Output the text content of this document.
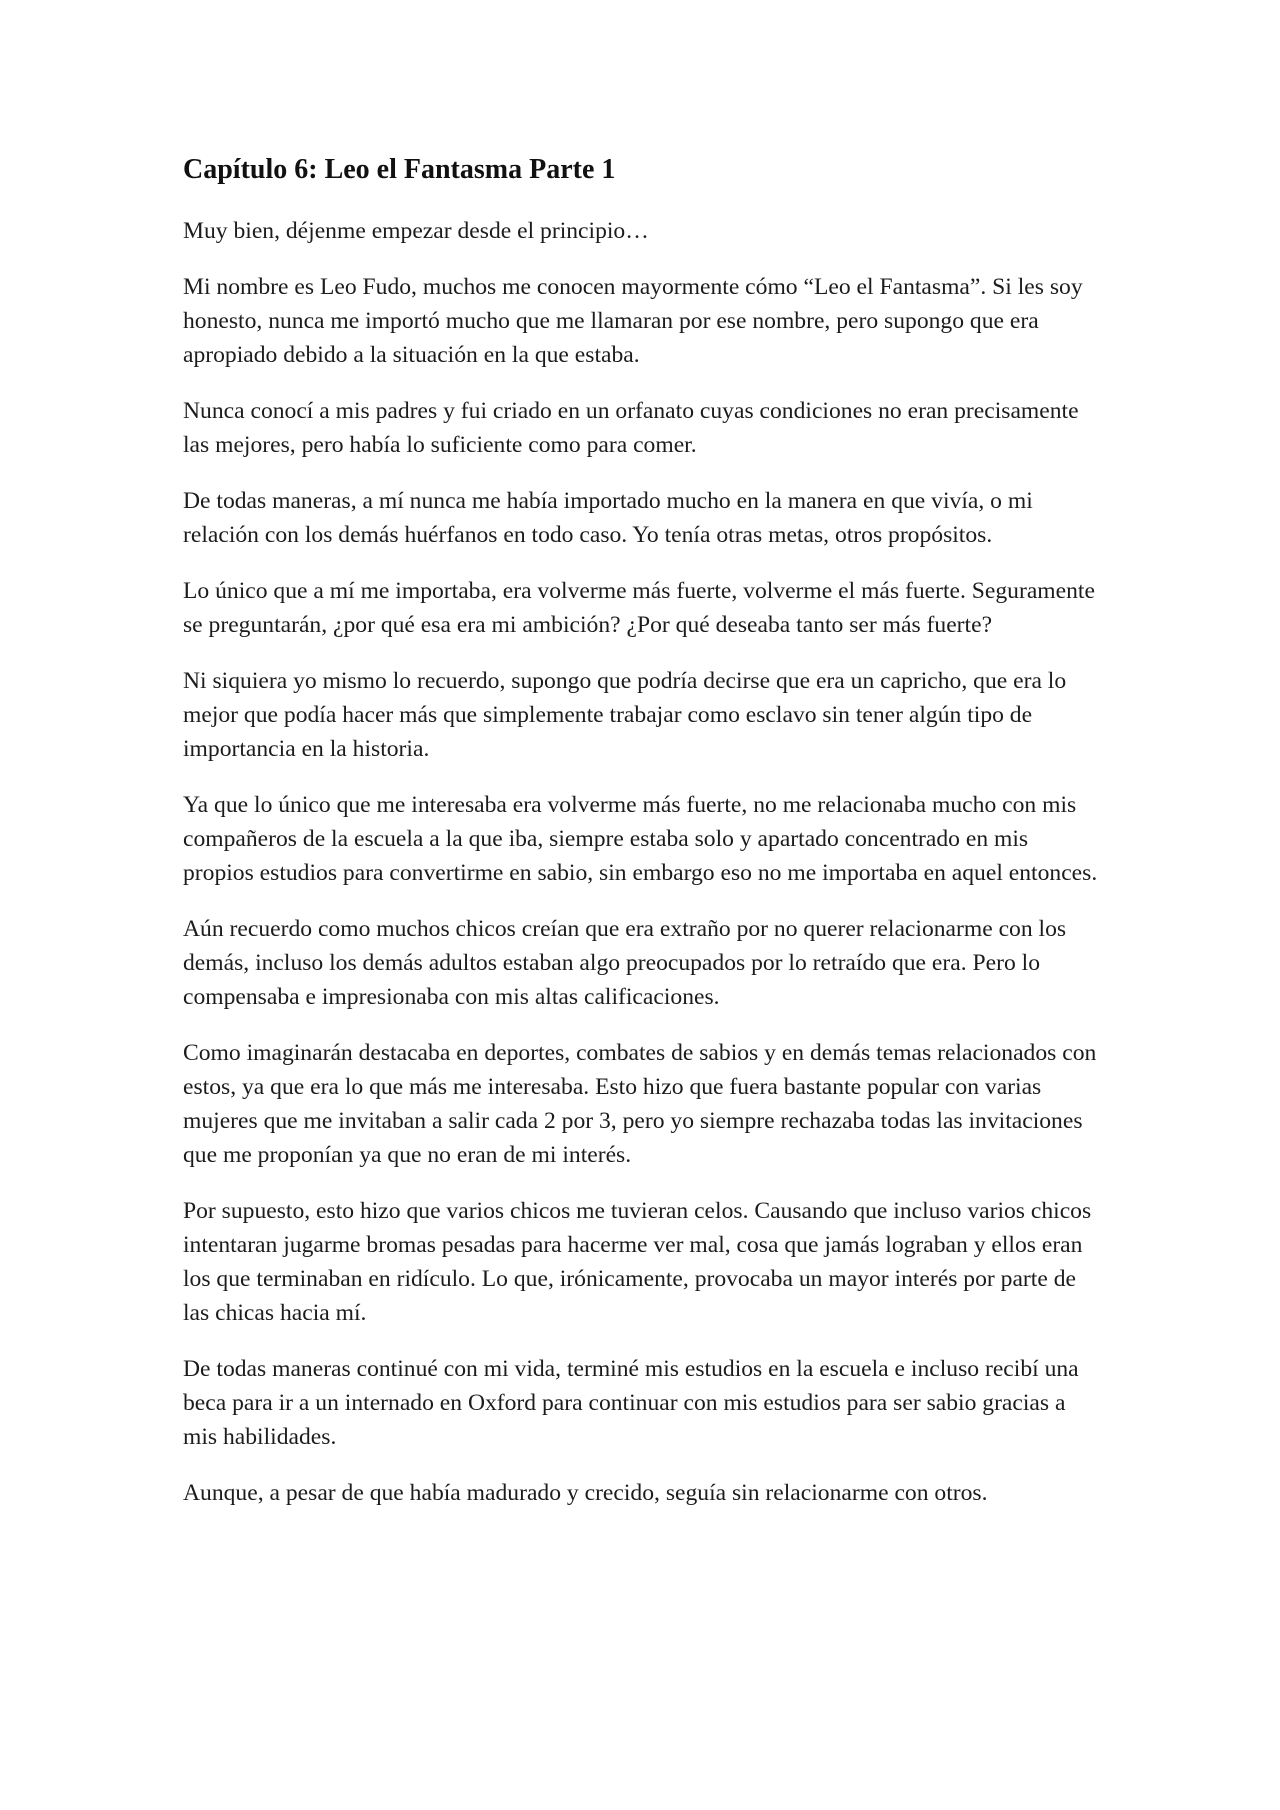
Capítulo 6: Leo el Fantasma Parte 1

Muy bien, déjenme empezar desde el principio…

Mi nombre es Leo Fudo, muchos me conocen mayormente cómo “Leo el Fantasma”. Si les soy honesto, nunca me importó mucho que me llamaran por ese nombre, pero supongo que era apropiado debido a la situación en la que estaba.

Nunca conocí a mis padres y fui criado en un orfanato cuyas condiciones no eran precisamente las mejores, pero había lo suficiente como para comer.

De todas maneras, a mí nunca me había importado mucho en la manera en que vivía, o mi relación con los demás huérfanos en todo caso. Yo tenía otras metas, otros propósitos.

Lo único que a mí me importaba, era volverme más fuerte, volverme el más fuerte. Seguramente se preguntarán, ¿por qué esa era mi ambición? ¿Por qué deseaba tanto ser más fuerte?

Ni siquiera yo mismo lo recuerdo, supongo que podría decirse que era un capricho, que era lo mejor que podía hacer más que simplemente trabajar como esclavo sin tener algún tipo de importancia en la historia.

Ya que lo único que me interesaba era volverme más fuerte, no me relacionaba mucho con mis compañeros de la escuela a la que iba, siempre estaba solo y apartado concentrado en mis propios estudios para convertirme en sabio, sin embargo eso no me importaba en aquel entonces.

Aún recuerdo como muchos chicos creían que era extraño por no querer relacionarme con los demás, incluso los demás adultos estaban algo preocupados por lo retraído que era. Pero lo compensaba e impresionaba con mis altas calificaciones.

Como imaginarán destacaba en deportes, combates de sabios y en demás temas relacionados con estos, ya que era lo que más me interesaba. Esto hizo que fuera bastante popular con varias mujeres que me invitaban a salir cada 2 por 3, pero yo siempre rechazaba todas las invitaciones que me proponían ya que no eran de mi interés.

Por supuesto, esto hizo que varios chicos me tuvieran celos. Causando que incluso varios chicos intentaran jugarme bromas pesadas para hacerme ver mal, cosa que jamás lograban y ellos eran los que terminaban en ridículo. Lo que, irónicamente, provocaba un mayor interés por parte de las chicas hacia mí.

De todas maneras continué con mi vida, terminé mis estudios en la escuela e incluso recibí una beca para ir a un internado en Oxford para continuar con mis estudios para ser sabio gracias a mis habilidades.

Aunque, a pesar de que había madurado y crecido, seguía sin relacionarme con otros.
